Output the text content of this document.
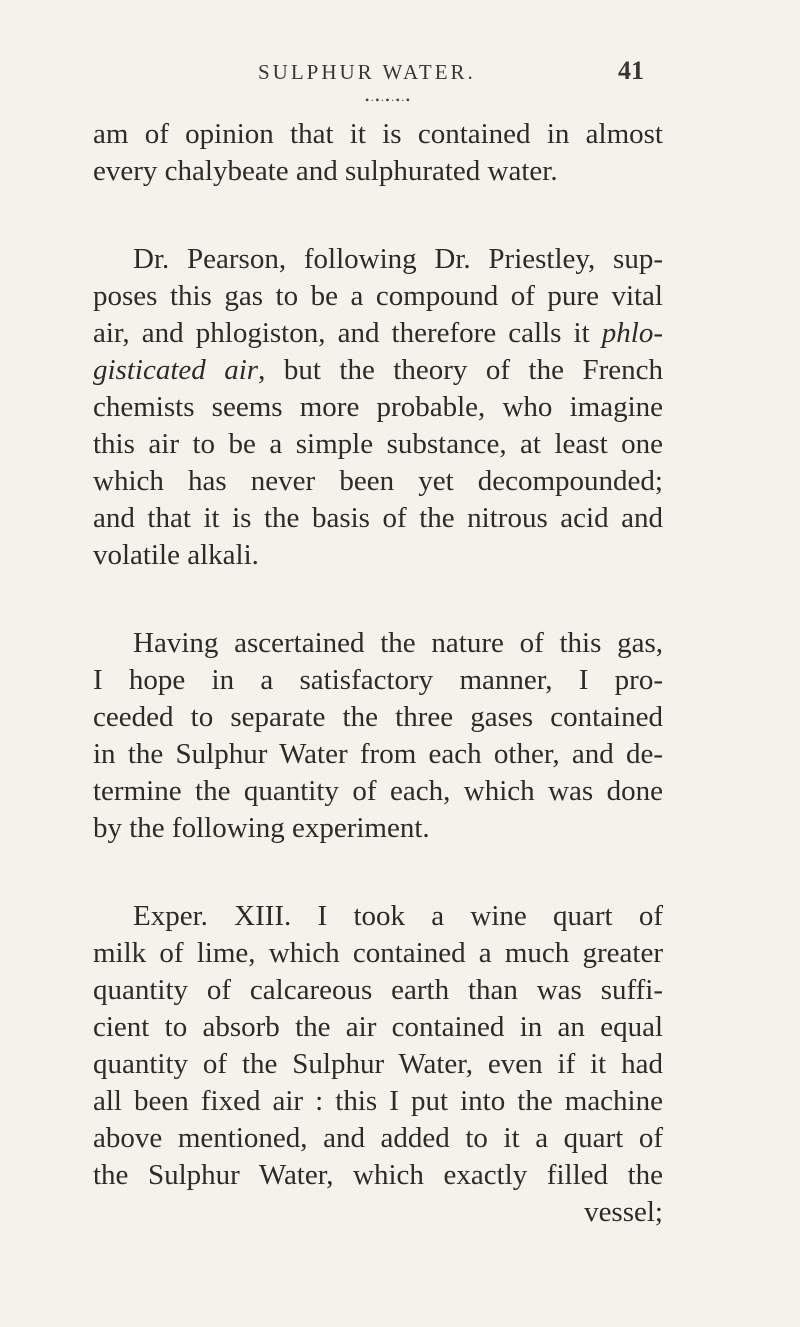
SULPHUR WATER.	41
•·•·•·•·•
am of opinion that it is contained in almost
every chalybeate and sulphurated water.
Dr. Pearson, following Dr. Priestley, sup-
poses this gas to be a compound of pure vital
air, and phlogiston, and therefore calls it phlo-
gisticated air, but the theory of the French
chemists seems more probable, who imagine
this air to be a simple substance, at least one
which has never been yet decompounded;
and that it is the basis of the nitrous acid and
volatile alkali.
Having ascertained the nature of this gas,
I hope in a satisfactory manner, I pro-
ceeded to separate the three gases contained
in the Sulphur Water from each other, and de-
termine the quantity of each, which was done
by the following experiment.
Exper. XIII. I took a wine quart of
milk of lime, which contained a much greater
quantity of calcareous earth than was suffi-
cient to absorb the air contained in an equal
quantity of the Sulphur Water, even if it had
all been fixed air : this I put into the machine
above mentioned, and added to it a quart of
the Sulphur Water, which exactly filled the
vessel;
